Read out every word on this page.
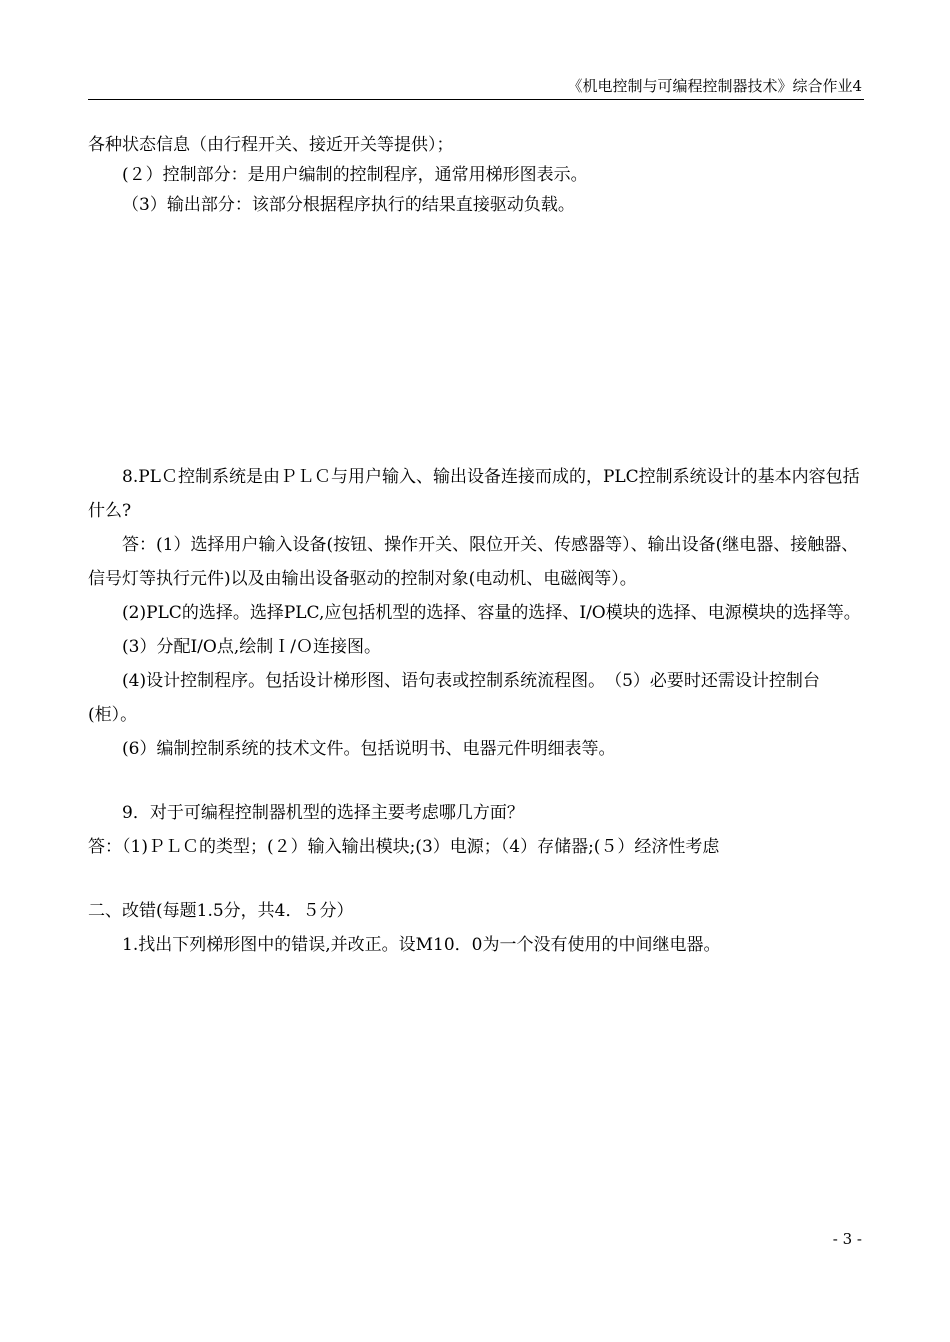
《机电控制与可编程控制器技术》综合作业4

各种状态信息（由行程开关、接近开关等提供）；

(２）控制部分：是用户编制的控制程序，通常用梯形图表示。

（3）输出部分：该部分根据程序执行的结果直接驱动负载。

8.PLＣ控制系统是由ＰＬＣ与用户输入、输出设备连接而成的，PLC控制系统设计的基本内容包括什么?

答：(1）选择用户输入设备(按钮、操作开关、限位开关、传感器等）、输出设备(继电器、接触器、信号灯等执行元件)以及由输出设备驱动的控制对象(电动机、电磁阀等）。

(2)PLC的选择。选择PLC,应包括机型的选择、容量的选择、I/O模块的选择、电源模块的选择等。

(3）分配I/O点,绘制Ｉ/Ｏ连接图。

(4)设计控制程序。包括设计梯形图、语句表或控制系统流程图。　（5）必要时还需设计控制台(柜）。

(6）编制控制系统的技术文件。包括说明书、电器元件明细表等。

9．对于可编程控制器机型的选择主要考虑哪几方面？

答：（1)ＰＬＣ的类型；(２）输入输出模块;(3）电源；（4）存储器;(５）经济性考虑

二、改错(每题1.5分，共4．５分）

1.找出下列梯形图中的错误,并改正。设M10．0为一个没有使用的中间继电器。

- 3 -
